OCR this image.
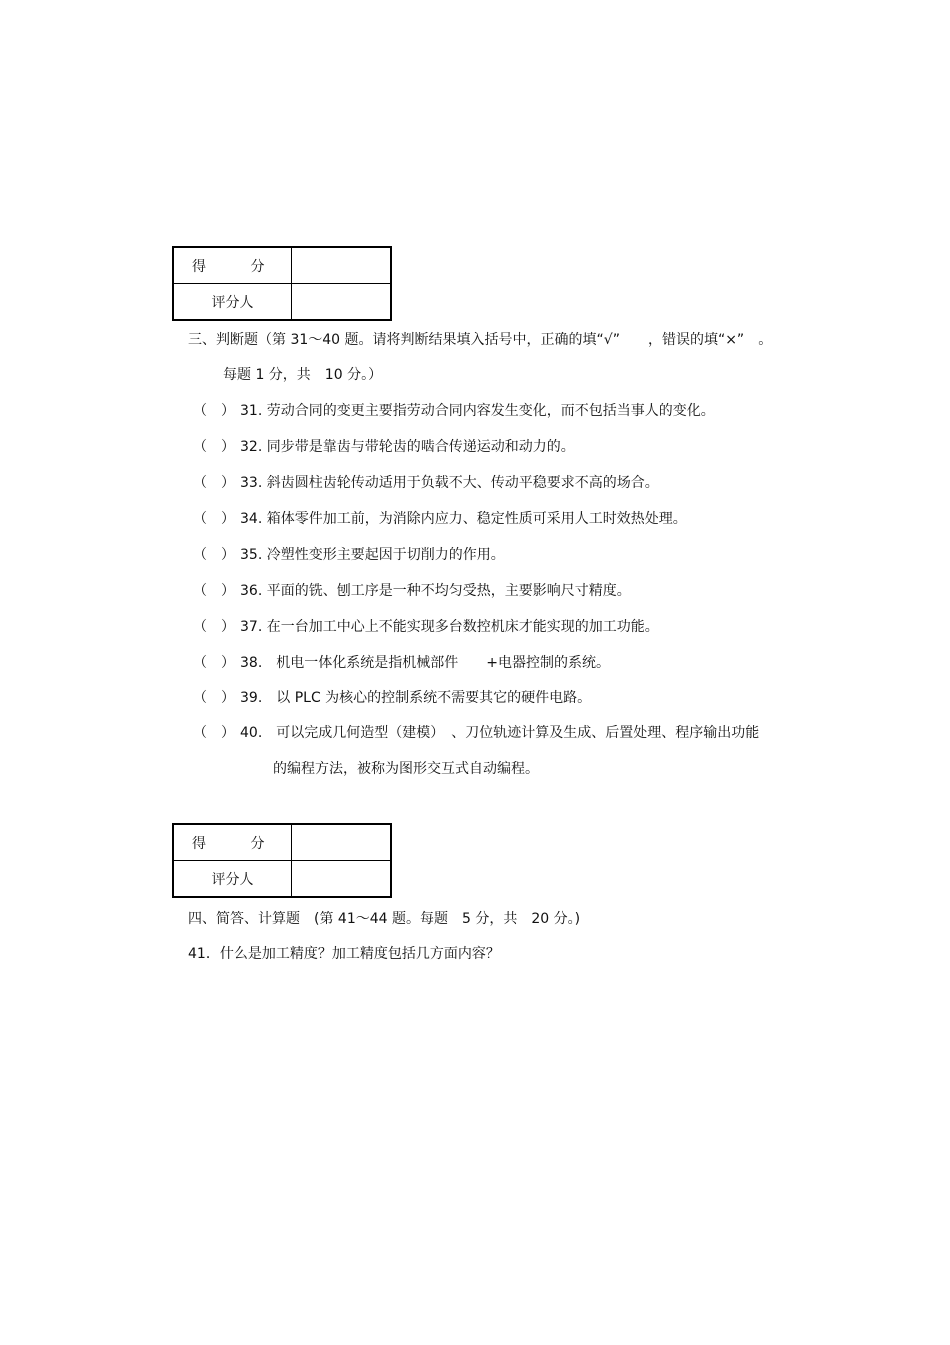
得 分	
评分人	
三、判断题（第 31～40 题。请将判断结果填入括号中，正确的填“√”　　，错误的填“×”　。
每题 1 分，共　10 分。）
（　） 31. 劳动合同的变更主要指劳动合同内容发生变化，而不包括当事人的变化。
（　） 32. 同步带是靠齿与带轮齿的啮合传递运动和动力的。
（　） 33. 斜齿圆柱齿轮传动适用于负载不大、传动平稳要求不高的场合。
（　） 34. 箱体零件加工前，为消除内应力、稳定性质可采用人工时效热处理。
（　） 35. 冷塑性变形主要起因于切削力的作用。
（　） 36. 平面的铣、刨工序是一种不均匀受热，主要影响尺寸精度。
（　） 37. 在一台加工中心上不能实现多台数控机床才能实现的加工功能。
（　） 38.　机电一体化系统是指机械部件　　+电器控制的系统。
（　） 39.　以 PLC 为核心的控制系统不需要其它的硬件电路。
（　） 40.　可以完成几何造型（建模）　、刀位轨迹计算及生成、后置处理、程序输出功能
的编程方法，被称为图形交互式自动编程。
得 分	
评分人	
四、简答、计算题　(第 41～44 题。每题　5 分，共　20 分。)
41．什么是加工精度？加工精度包括几方面内容？
